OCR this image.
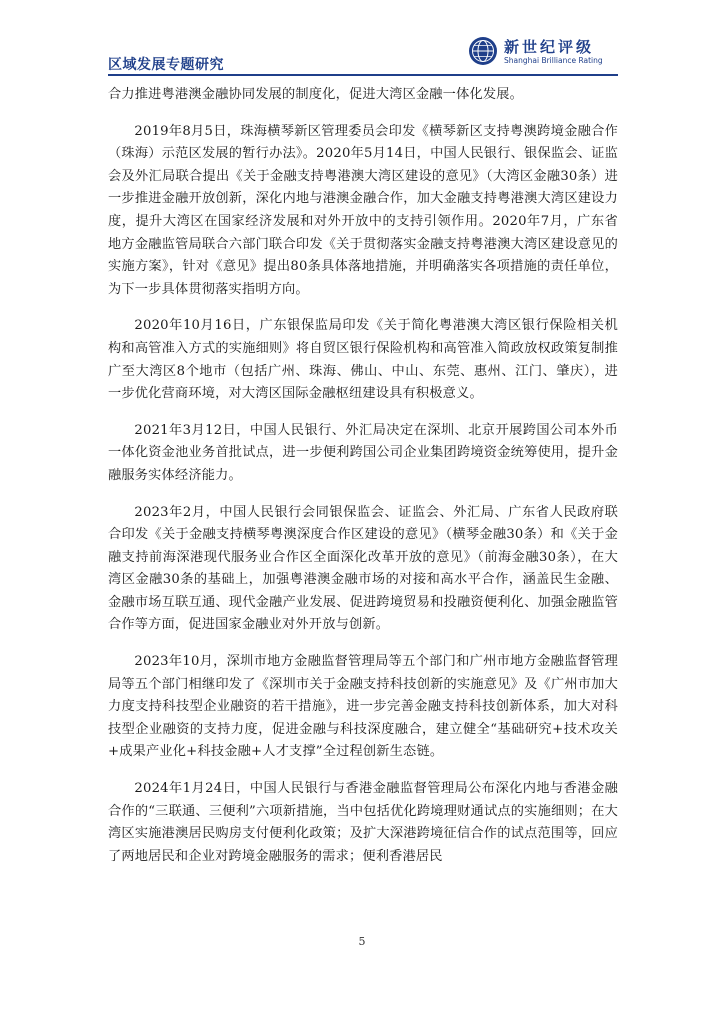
区域发展专题研究
新世纪评级
Shanghai Brilliance Rating

合力推进粤港澳金融协同发展的制度化，促进大湾区金融一体化发展。

2019年8月5日，珠海横琴新区管理委员会印发《横琴新区支持粤澳跨境金融合作（珠海）示范区发展的暂行办法》。2020年5月14日，中国人民银行、银保监会、证监会及外汇局联合提出《关于金融支持粤港澳大湾区建设的意见》（大湾区金融30条）进一步推进金融开放创新，深化内地与港澳金融合作，加大金融支持粤港澳大湾区建设力度，提升大湾区在国家经济发展和对外开放中的支持引领作用。2020年7月，广东省地方金融监管局联合六部门联合印发《关于贯彻落实金融支持粤港澳大湾区建设意见的实施方案》，针对《意见》提出80条具体落地措施，并明确落实各项措施的责任单位，为下一步具体贯彻落实指明方向。

2020年10月16日，广东银保监局印发《关于简化粤港澳大湾区银行保险相关机构和高管准入方式的实施细则》将自贸区银行保险机构和高管准入简政放权政策复制推广至大湾区8个地市（包括广州、珠海、佛山、中山、东莞、惠州、江门、肇庆），进一步优化营商环境，对大湾区国际金融枢纽建设具有积极意义。

2021年3月12日，中国人民银行、外汇局决定在深圳、北京开展跨国公司本外币一体化资金池业务首批试点，进一步便利跨国公司企业集团跨境资金统筹使用，提升金融服务实体经济能力。

2023年2月，中国人民银行会同银保监会、证监会、外汇局、广东省人民政府联合印发《关于金融支持横琴粤澳深度合作区建设的意见》（横琴金融30条）和《关于金融支持前海深港现代服务业合作区全面深化改革开放的意见》（前海金融30条），在大湾区金融30条的基础上，加强粤港澳金融市场的对接和高水平合作，涵盖民生金融、金融市场互联互通、现代金融产业发展、促进跨境贸易和投融资便利化、加强金融监管合作等方面，促进国家金融业对外开放与创新。

2023年10月，深圳市地方金融监督管理局等五个部门和广州市地方金融监督管理局等五个部门相继印发了《深圳市关于金融支持科技创新的实施意见》及《广州市加大力度支持科技型企业融资的若干措施》，进一步完善金融支持科技创新体系，加大对科技型企业融资的支持力度，促进金融与科技深度融合，建立健全“基础研究+技术攻关+成果产业化+科技金融+人才支撑”全过程创新生态链。

2024年1月24日，中国人民银行与香港金融监督管理局公布深化内地与香港金融合作的“三联通、三便利”六项新措施，当中包括优化跨境理财通试点的实施细则；在大湾区实施港澳居民购房支付便利化政策；及扩大深港跨境征信合作的试点范围等，回应了两地居民和企业对跨境金融服务的需求；便利香港居民

5
